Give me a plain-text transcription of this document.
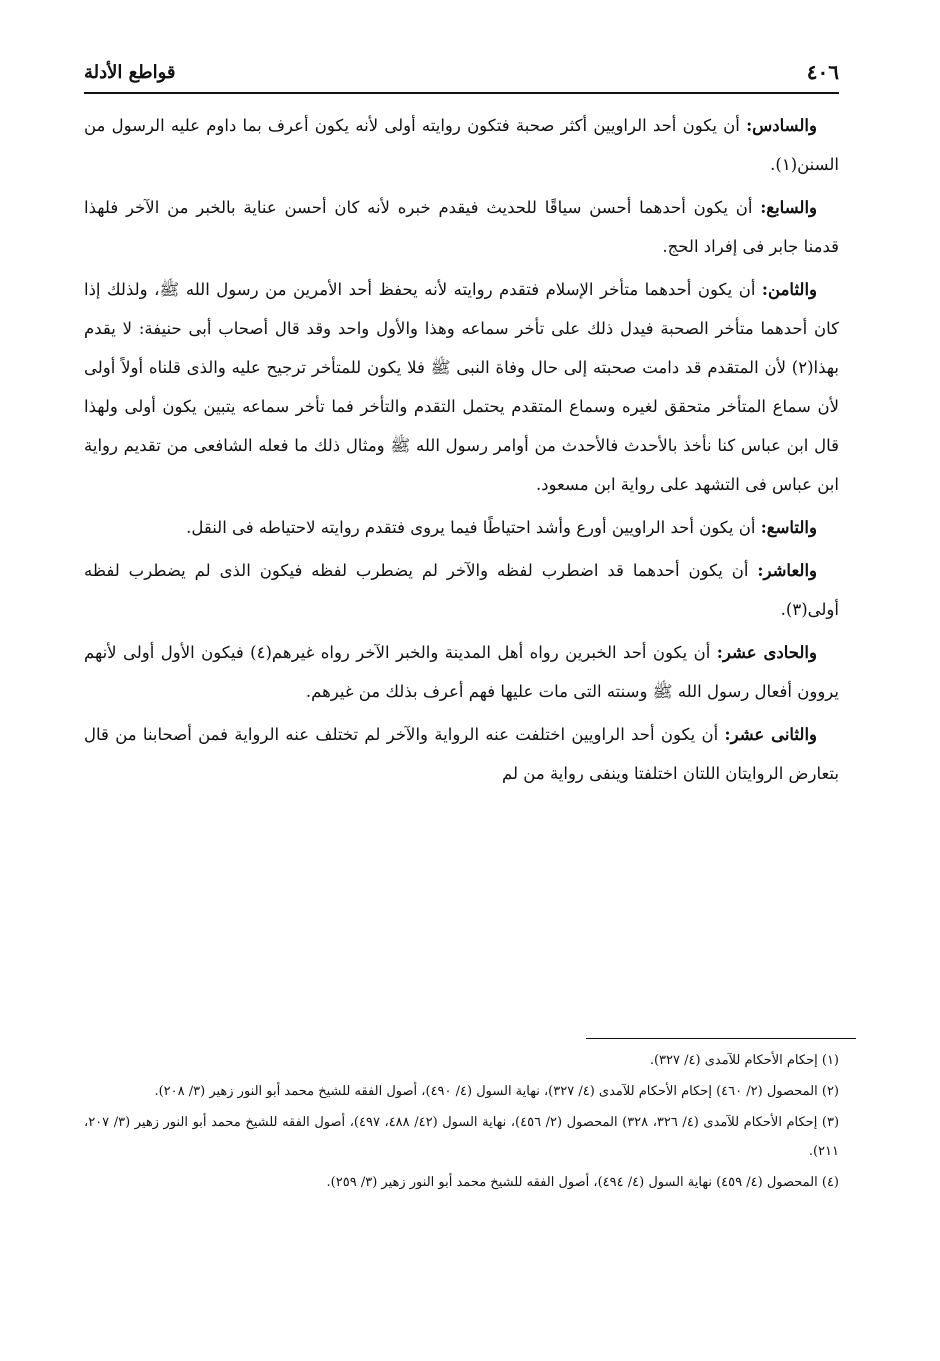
٤٠٦
قواطع الأدلة

والسادس: أن يكون أحد الراويين أكثر صحبة فتكون روايته أولى لأنه يكون أعرف بما داوم عليه الرسول من السنن(١).

والسابع: أن يكون أحدهما أحسن سياقًا للحديث فيقدم خبره لأنه كان أحسن عناية بالخبر من الآخر فلهذا قدمنا جابر فى إفراد الحج.

والثامن: أن يكون أحدهما متأخر الإسلام فتقدم روايته لأنه يحفظ أحد الأمرين من رسول الله ﷺ، ولذلك إذا كان أحدهما متأخر الصحبة فيدل ذلك على تأخر سماعه وهذا والأول واحد وقد قال أصحاب أبى حنيفة: لا يقدم بهذا(٢) لأن المتقدم قد دامت صحبته إلى حال وفاة النبى ﷺ فلا يكون للمتأخر ترجيح عليه والذى قلناه أولاً أولى لأن سماع المتأخر متحقق لغيره وسماع المتقدم يحتمل التقدم والتأخر فما تأخر سماعه يتبين يكون أولى ولهذا قال ابن عباس كنا نأخذ بالأحدث فالأحدث من أوامر رسول الله ﷺ ومثال ذلك ما فعله الشافعى من تقديم رواية ابن عباس فى التشهد على رواية ابن مسعود.

والتاسع: أن يكون أحد الراويين أورع وأشد احتياطًا فيما يروى فتقدم روايته لاحتياطه فى النقل.

والعاشر: أن يكون أحدهما قد اضطرب لفظه والآخر لم يضطرب لفظه فيكون الذى لم يضطرب لفظه أولى(٣).

والحادى عشر: أن يكون أحد الخبرين رواه أهل المدينة والخبر الآخر رواه غيرهم(٤) فيكون الأول أولى لأنهم يروون أفعال رسول الله ﷺ وسنته التى مات عليها فهم أعرف بذلك من غيرهم.

والثانى عشر: أن يكون أحد الراويين اختلفت عنه الرواية والآخر لم تختلف عنه الرواية فمن أصحابنا من قال بتعارض الروايتان اللتان اختلفتا وينفى رواية من لم

(١) إحكام الأحكام للآمدى (٤/ ٣٢٧).

(٢) المحصول (٢/ ٤٦٠) إحكام الأحكام للآمدى (٤/ ٣٢٧)، نهاية السول (٤/ ٤٩٠)، أصول الفقه للشيخ محمد أبو النور زهير (٣/ ٢٠٨).

(٣) إحكام الأحكام للآمدى (٤/ ٣٢٦، ٣٢٨) المحصول (٢/ ٤٥٦)، نهاية السول (٤٢/ ٤٨٨، ٤٩٧)، أصول الفقه للشيخ محمد أبو النور زهير (٣/ ٢٠٧، ٢١١).

(٤) المحصول (٤/ ٤٥٩) نهاية السول (٤/ ٤٩٤)، أصول الفقه للشيخ محمد أبو النور زهير (٣/ ٢٥٩).
